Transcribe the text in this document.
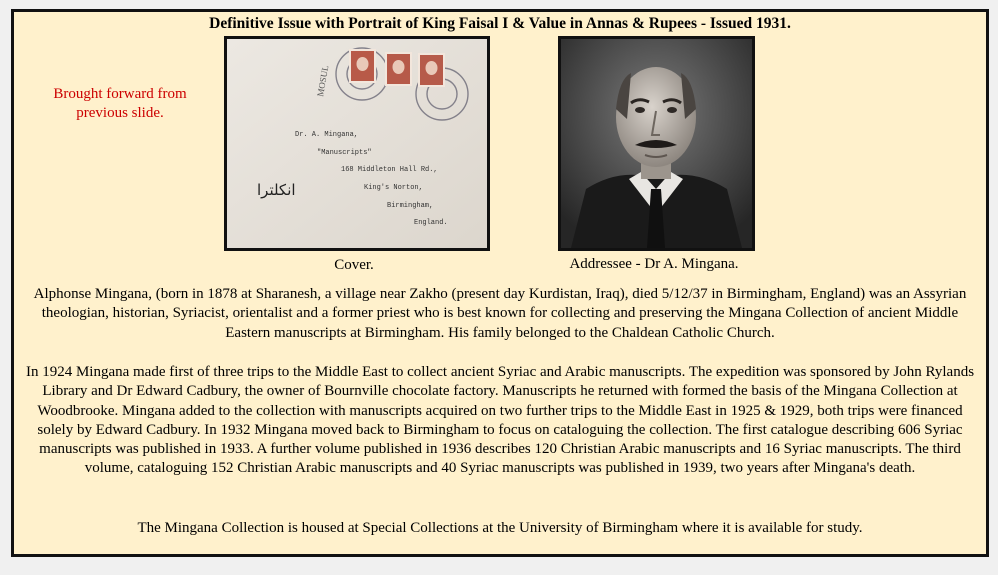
Definitive Issue with Portrait of King Faisal I & Value in Annas & Rupees - Issued 1931.
Brought forward from previous slide.
MOSUL
Dr. A. Mingana,
"Manuscripts"
168 Middleton Hall Rd.,
King's Norton,
Birmingham,
England.
انكلترا
Cover.	Addressee - Dr A. Mingana.
Alphonse Mingana, (born in 1878 at Sharanesh, a village near Zakho (present day Kurdistan, Iraq), died 5/12/37 in Birmingham, England) was an Assyrian theologian, historian, Syriacist, orientalist and a former priest who is best known for collecting and preserving the Mingana Collection of ancient Middle Eastern manuscripts at Birmingham. His family belonged to the Chaldean Catholic Church.
In 1924 Mingana made first of three trips to the Middle East to collect ancient Syriac and Arabic manuscripts. The expedition was sponsored by John Rylands Library and Dr Edward Cadbury, the owner of Bournville chocolate factory. Manuscripts he returned with formed the basis of the Mingana Collection at Woodbrooke. Mingana added to the collection with manuscripts acquired on two further trips to the Middle East in 1925 & 1929, both trips were financed solely by Edward Cadbury. In 1932 Mingana moved back to Birmingham to focus on cataloguing the collection. The first catalogue describing 606 Syriac manuscripts was published in 1933. A further volume published in 1936 describes 120 Christian Arabic manuscripts and 16 Syriac manuscripts. The third volume, cataloguing 152 Christian Arabic manuscripts and 40 Syriac manuscripts was published in 1939, two years after Mingana's death.
The Mingana Collection is housed at Special Collections at the University of Birmingham where it is available for study.
